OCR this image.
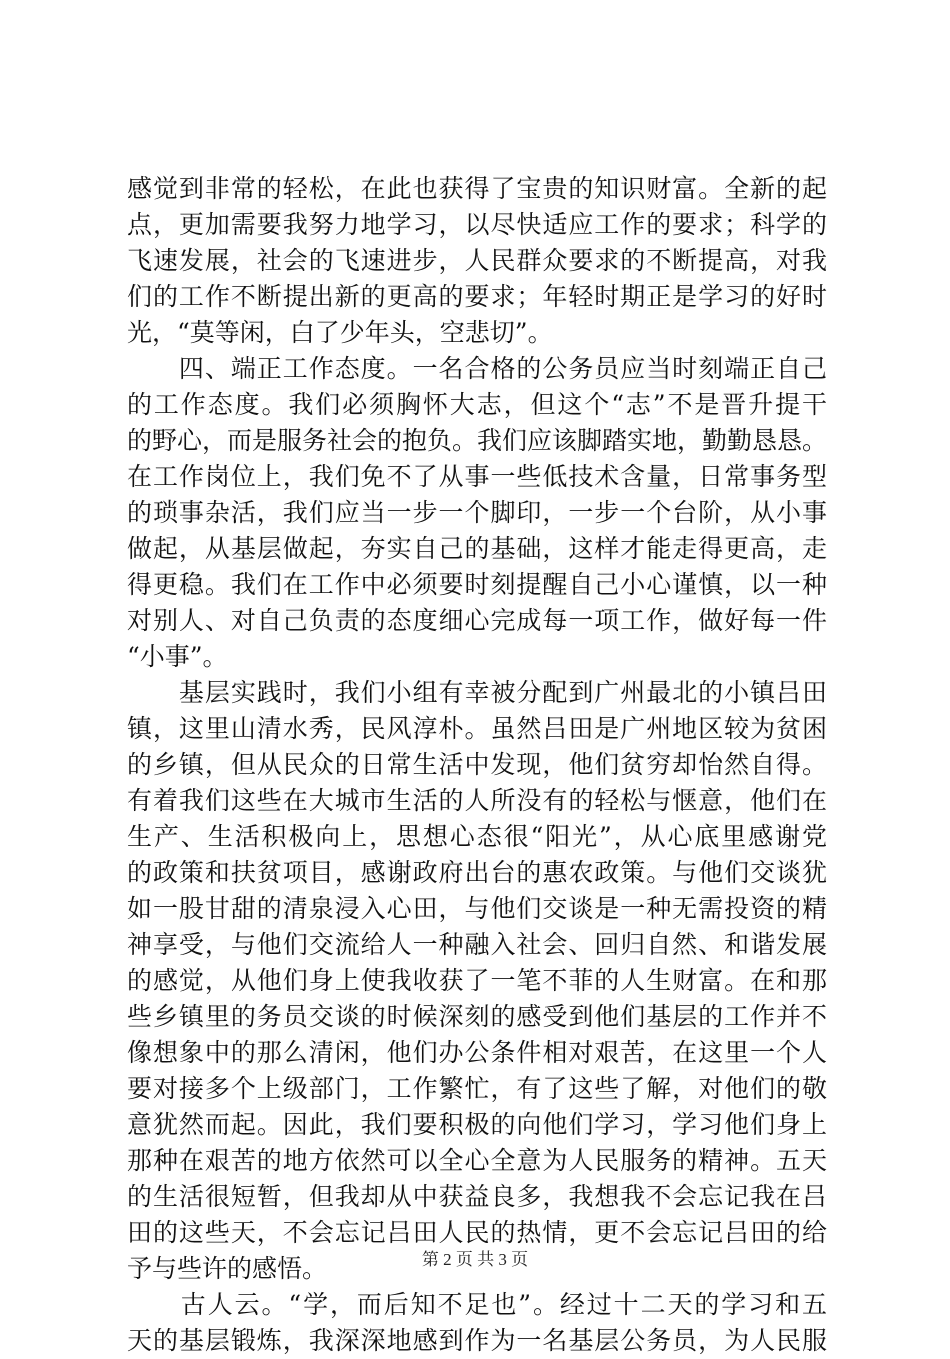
感觉到非常的轻松，在此也获得了宝贵的知识财富。全新的起
点，更加需要我努力地学习，以尽快适应工作的要求；科学的
飞速发展，社会的飞速进步，人民群众要求的不断提高，对我
们的工作不断提出新的更高的要求；年轻时期正是学习的好时
光，“莫等闲，白了少年头，空悲切”。
　　四、端正工作态度。一名合格的公务员应当时刻端正自己
的工作态度。我们必须胸怀大志，但这个“志”不是晋升提干
的野心，而是服务社会的抱负。我们应该脚踏实地，勤勤恳恳。
在工作岗位上，我们免不了从事一些低技术含量，日常事务型
的琐事杂活，我们应当一步一个脚印，一步一个台阶，从小事
做起，从基层做起，夯实自己的基础，这样才能走得更高，走
得更稳。我们在工作中必须要时刻提醒自己小心谨慎，以一种
对别人、对自己负责的态度细心完成每一项工作，做好每一件
“小事”。
　　基层实践时，我们小组有幸被分配到广州最北的小镇吕田
镇，这里山清水秀，民风淳朴。虽然吕田是广州地区较为贫困
的乡镇，但从民众的日常生活中发现，他们贫穷却怡然自得。
有着我们这些在大城市生活的人所没有的轻松与惬意，他们在
生产、生活积极向上，思想心态很“阳光”，从心底里感谢党
的政策和扶贫项目，感谢政府出台的惠农政策。与他们交谈犹
如一股甘甜的清泉浸入心田，与他们交谈是一种无需投资的精
神享受，与他们交流给人一种融入社会、回归自然、和谐发展
的感觉，从他们身上使我收获了一笔不菲的人生财富。在和那
些乡镇里的务员交谈的时候深刻的感受到他们基层的工作并不
像想象中的那么清闲，他们办公条件相对艰苦，在这里一个人
要对接多个上级部门，工作繁忙，有了这些了解，对他们的敬
意犹然而起。因此，我们要积极的向他们学习，学习他们身上
那种在艰苦的地方依然可以全心全意为人民服务的精神。五天
的生活很短暂，但我却从中获益良多，我想我不会忘记我在吕
田的这些天，不会忘记吕田人民的热情，更不会忘记吕田的给
予与些许的感悟。
　　古人云。“学，而后知不足也”。经过十二天的学习和五
天的基层锻炼，我深深地感到作为一名基层公务员，为人民服
第 2 页 共 3 页
